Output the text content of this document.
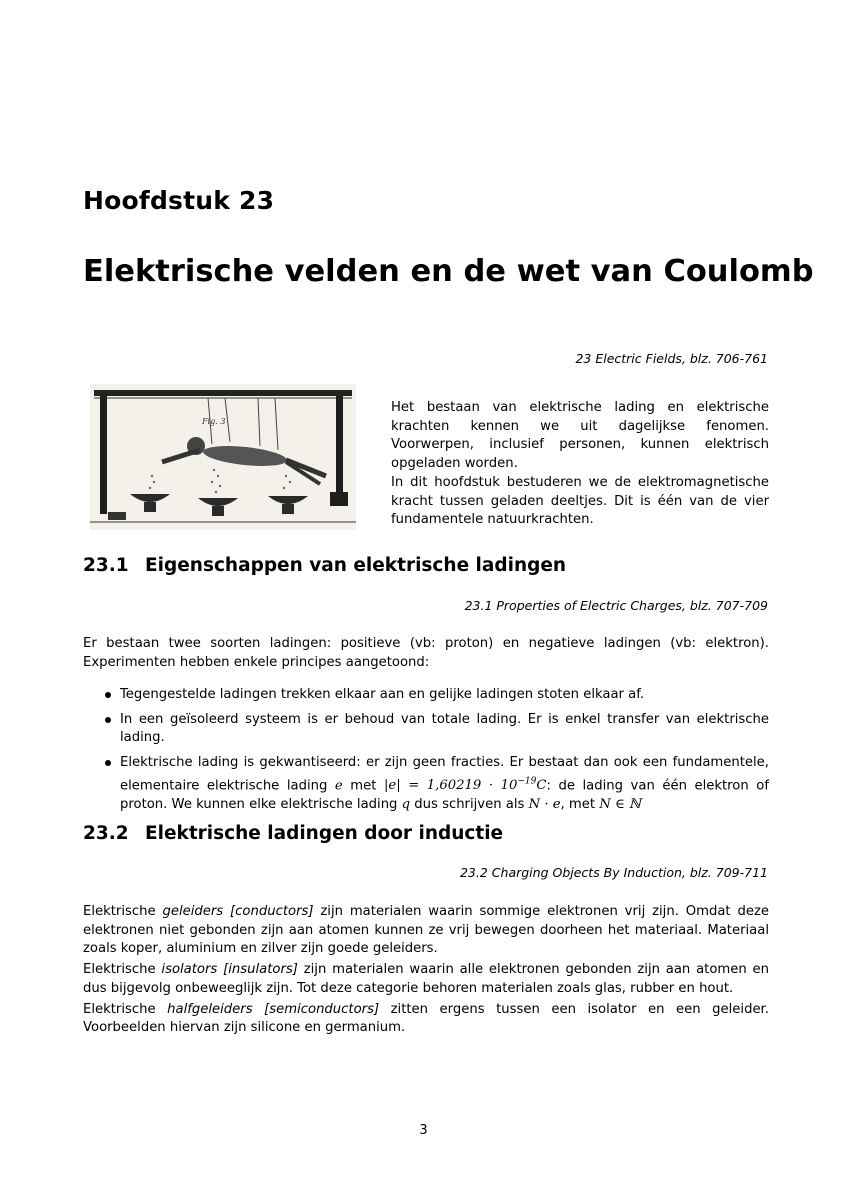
Hoofdstuk 23
Elektrische velden en de wet van Coulomb
23 Electric Fields, blz. 706-761
Fig. 3

Het bestaan van elektrische lading en elektrische krachten kennen we uit dagelijkse fenomen. Voorwerpen, inclusief personen, kunnen elektrisch opgeladen worden.

In dit hoofdstuk bestuderen we de elektromagnetische kracht tussen geladen deeltjes. Dit is één van de vier fundamentele natuurkrachten.

23.1 Eigenschappen van elektrische ladingen
23.1 Properties of Electric Charges, blz. 707-709

Er bestaan twee soorten ladingen: positieve (vb: proton) en negatieve ladingen (vb: elektron). Experimenten hebben enkele principes aangetoond:

Tegengestelde ladingen trekken elkaar aan en gelijke ladingen stoten elkaar af.
In een geïsoleerd systeem is er behoud van totale lading. Er is enkel transfer van elektrische lading.
Elektrische lading is gekwantiseerd: er zijn geen fracties. Er bestaat dan ook een fundamentele, elementaire elektrische lading e met $|e| = 1,60219 \cdot 10^{-19}C$: de lading van één elektron of proton. We kunnen elke elektrische lading q dus schrijven als N · e, met N ∈ ℕ
23.2 Elektrische ladingen door inductie
23.2 Charging Objects By Induction, blz. 709-711

Elektrische geleiders [conductors] zijn materialen waarin sommige elektronen vrij zijn. Omdat deze elektronen niet gebonden zijn aan atomen kunnen ze vrij bewegen doorheen het materiaal. Materiaal zoals koper, aluminium en zilver zijn goede geleiders.

Elektrische isolators [insulators] zijn materialen waarin alle elektronen gebonden zijn aan atomen en dus bijgevolg onbeweeglijk zijn. Tot deze categorie behoren materialen zoals glas, rubber en hout.

Elektrische halfgeleiders [semiconductors] zitten ergens tussen een isolator en een geleider. Voorbeelden hiervan zijn silicone en germanium.

3
